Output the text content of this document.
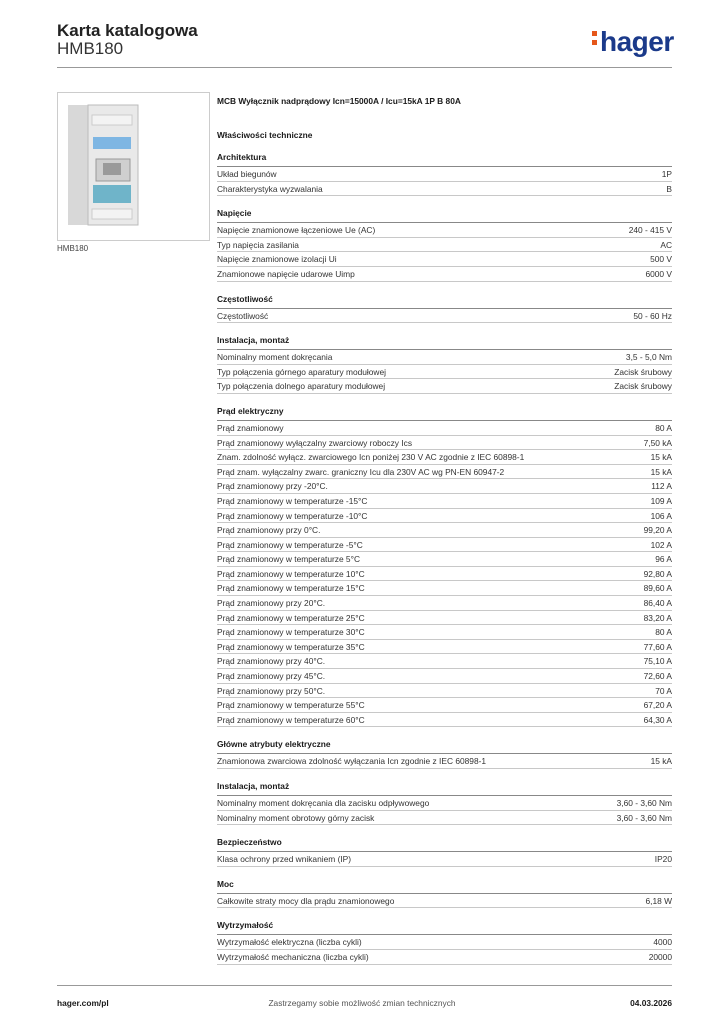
Karta katalogowa
HMB180	hager
HMB180
MCB Wyłącznik nadprądowy Icn=15000A / Icu=15kA 1P B 80A
Właściwości techniczne
Architektura
Układ biegunów	1P
Charakterystyka wyzwalania	B
Napięcie
Napięcie znamionowe łączeniowe Ue (AC)	240 - 415 V
Typ napięcia zasilania	AC
Napięcie znamionowe izolacji Ui	500 V
Znamionowe napięcie udarowe Uimp	6000 V
Częstotliwość
Częstotliwość	50 - 60 Hz
Instalacja, montaż
Nominalny moment dokręcania	3,5 - 5,0 Nm
Typ połączenia górnego aparatury modułowej	Zacisk śrubowy
Typ połączenia dolnego aparatury modułowej	Zacisk śrubowy
Prąd elektryczny
Prąd znamionowy	80 A
Prąd znamionowy wyłączalny zwarciowy roboczy Ics	7,50 kA
Znam. zdolność wyłącz. zwarciowego Icn poniżej 230 V AC zgodnie z IEC 60898-1	15 kA
Prąd znam. wyłączalny zwarc. graniczny Icu dla 230V AC wg PN-EN 60947-2	15 kA
Prąd znamionowy przy -20°C.	112 A
Prąd znamionowy w temperaturze -15°C	109 A
Prąd znamionowy w temperaturze -10°C	106 A
Prąd znamionowy przy 0°C.	99,20 A
Prąd znamionowy w temperaturze -5°C	102 A
Prąd znamionowy w temperaturze 5°C	96 A
Prąd znamionowy w temperaturze 10°C	92,80 A
Prąd znamionowy w temperaturze 15°C	89,60 A
Prąd znamionowy przy 20°C.	86,40 A
Prąd znamionowy w temperaturze 25°C	83,20 A
Prąd znamionowy w temperaturze 30°C	80 A
Prąd znamionowy w temperaturze 35°C	77,60 A
Prąd znamionowy przy 40°C.	75,10 A
Prąd znamionowy przy 45°C.	72,60 A
Prąd znamionowy przy 50°C.	70 A
Prąd znamionowy w temperaturze 55°C	67,20 A
Prąd znamionowy w temperaturze 60°C	64,30 A
Główne atrybuty elektryczne
Znamionowa zwarciowa zdolność wyłączania Icn zgodnie z IEC 60898-1	15 kA
Instalacja, montaż
Nominalny moment dokręcania dla zacisku odpływowego	3,60 - 3,60 Nm
Nominalny moment obrotowy górny zacisk	3,60 - 3,60 Nm
Bezpieczeństwo
Klasa ochrony przed wnikaniem (IP)	IP20
Moc
Całkowite straty mocy dla prądu znamionowego	6,18 W
Wytrzymałość
Wytrzymałość elektryczna (liczba cykli)	4000
Wytrzymałość mechaniczna (liczba cykli)	20000
Zastrzegamy sobie możliwość zmian technicznych
hager.com/pl	04.03.2026
